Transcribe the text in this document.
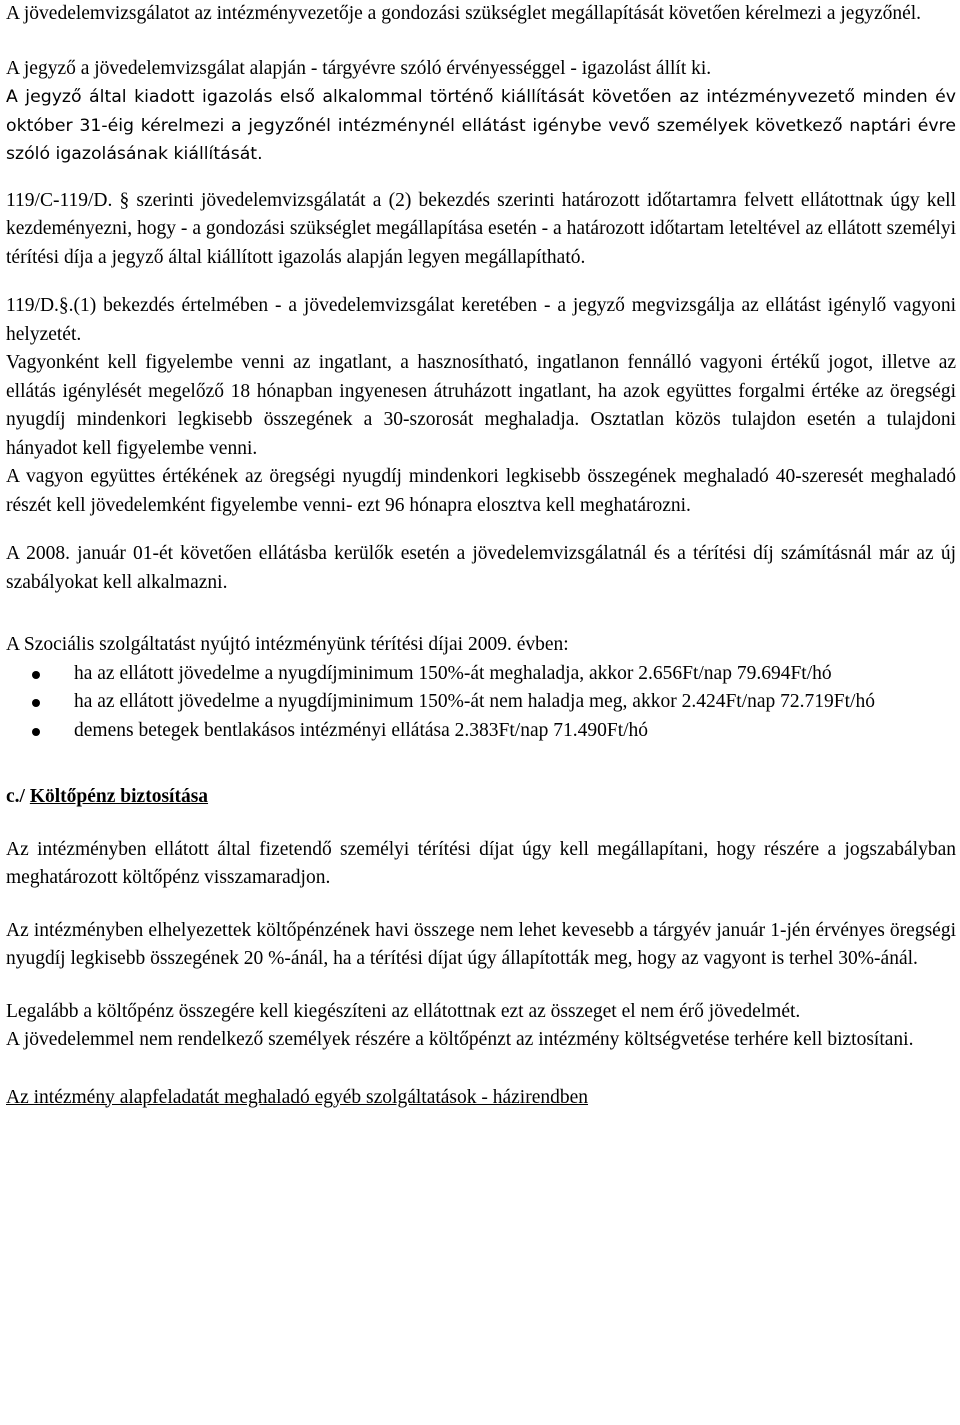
A jövedelemvizsgálatot az intézményvezetője a gondozási szükséglet megállapítását követően kérelmezi a jegyzőnél.

A jegyző a jövedelemvizsgálat alapján - tárgyévre szóló érvényességgel - igazolást állít ki.

A jegyző által kiadott igazolás első alkalommal történő kiállítását követően az intézményvezető minden év október 31-éig kérelmezi a jegyzőnél intézménynél ellátást igénybe vevő személyek következő naptári évre szóló igazolásának kiállítását.

119/C-119/D. § szerinti jövedelemvizsgálatát a (2) bekezdés szerinti határozott időtartamra felvett ellátottnak úgy kell kezdeményezni, hogy - a gondozási szükséglet megállapítása esetén - a határozott időtartam leteltével az ellátott személyi térítési díja a jegyző által kiállított igazolás alapján legyen megállapítható.

119/D.§.(1) bekezdés értelmében - a jövedelemvizsgálat keretében - a jegyző megvizsgálja az ellátást igénylő vagyoni helyzetét.

Vagyonként kell figyelembe venni az ingatlant, a hasznosítható, ingatlanon fennálló vagyoni értékű jogot, illetve az ellátás igénylését megelőző 18 hónapban ingyenesen átruházott ingatlant, ha azok együttes forgalmi értéke az öregségi nyugdíj mindenkori legkisebb összegének a 30-szorosát meghaladja. Osztatlan közös tulajdon esetén a tulajdoni hányadot kell figyelembe venni.

A vagyon együttes értékének az öregségi nyugdíj mindenkori legkisebb összegének meghaladó 40-szeresét meghaladó részét kell jövedelemként figyelembe venni- ezt 96 hónapra elosztva kell meghatározni.

A 2008. január 01-ét követően ellátásba kerülők esetén a jövedelemvizsgálatnál és a térítési díj számításnál már az új szabályokat kell alkalmazni.

A Szociális szolgáltatást nyújtó intézményünk térítési díjai 2009. évben:

ha az ellátott jövedelme a nyugdíjminimum 150%-át meghaladja, akkor 2.656Ft/nap 79.694Ft/hó
ha az ellátott jövedelme a nyugdíjminimum 150%-át nem haladja meg, akkor 2.424Ft/nap 72.719Ft/hó
demens betegek bentlakásos intézményi ellátása 2.383Ft/nap 71.490Ft/hó

c./ Költőpénz biztosítása

Az intézményben ellátott által fizetendő személyi térítési díjat úgy kell megállapítani, hogy részére a jogszabályban meghatározott költőpénz visszamaradjon.

Az intézményben elhelyezettek költőpénzének havi összege nem lehet kevesebb a tárgyév január 1-jén érvényes öregségi nyugdíj legkisebb összegének 20 %-ánál, ha a térítési díjat úgy állapították meg, hogy az vagyont is terhel 30%-ánál.

Legalább a költőpénz összegére kell kiegészíteni az ellátottnak ezt az összeget el nem érő jövedelmét.

A jövedelemmel nem rendelkező személyek részére a költőpénzt az intézmény költségvetése terhére kell biztosítani.

Az intézmény alapfeladatát meghaladó egyéb szolgáltatások - házirendben
